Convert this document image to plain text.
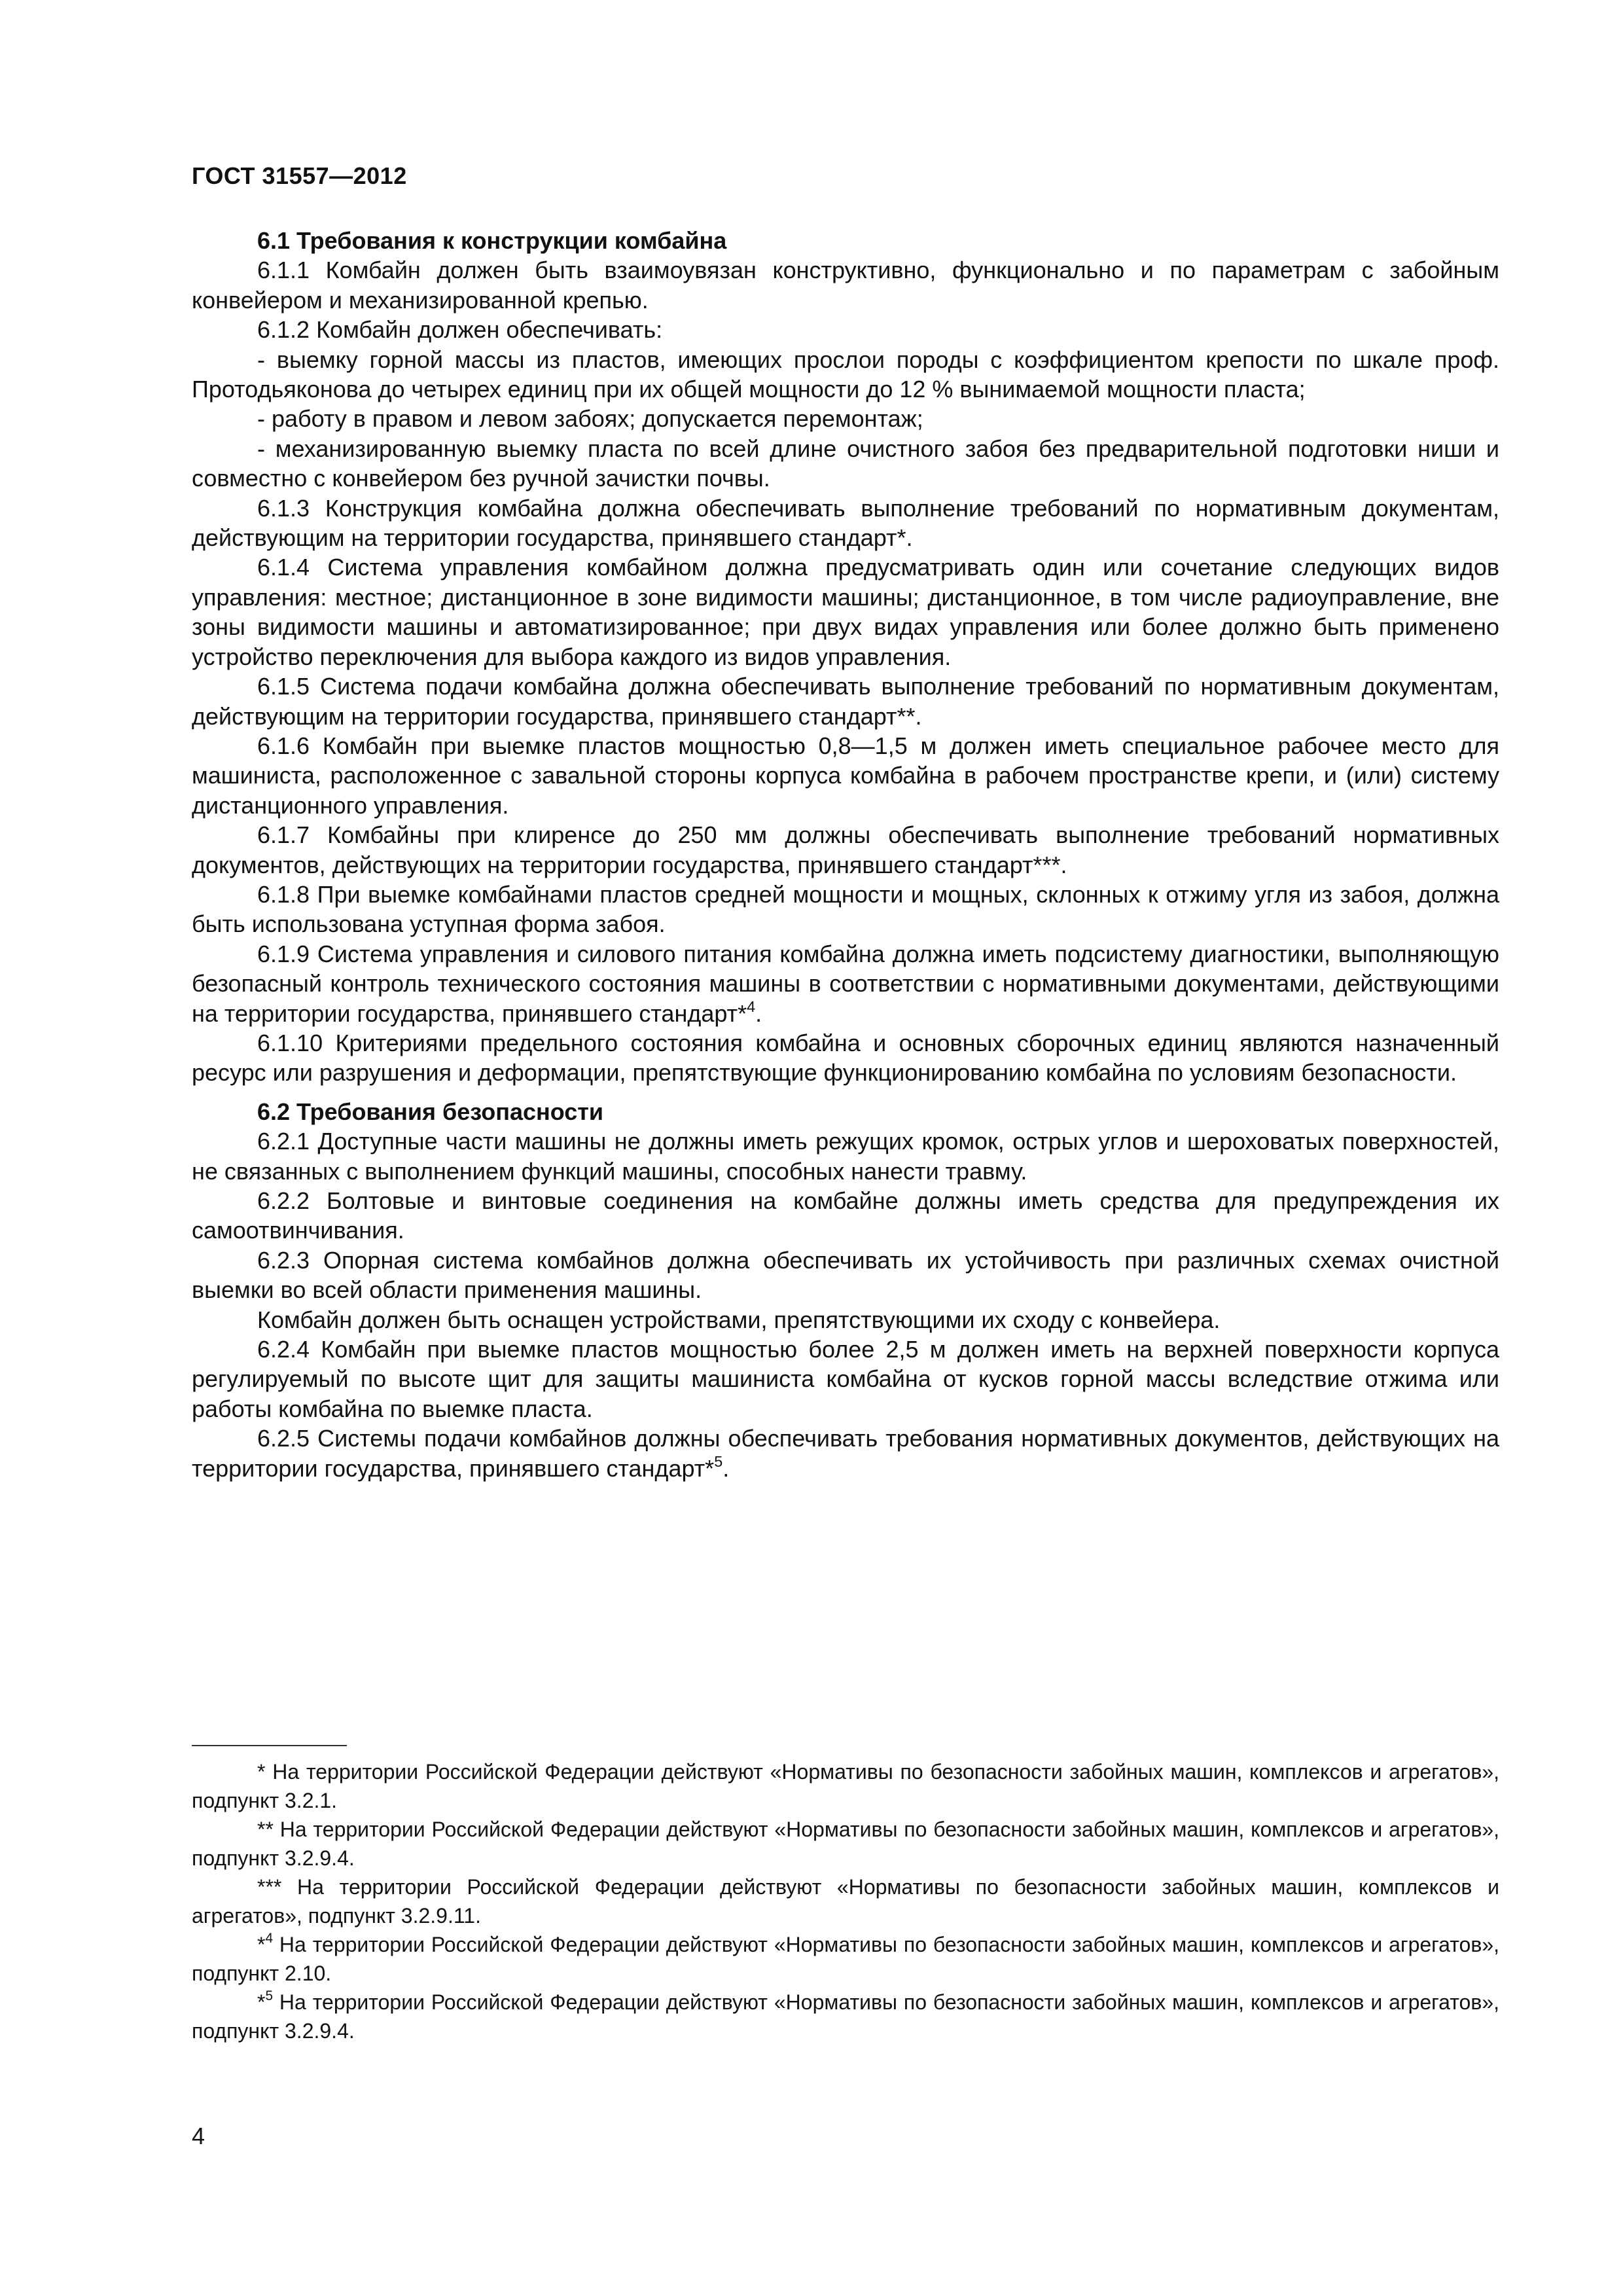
ГОСТ 31557—2012
6.1 Требования к конструкции комбайна

6.1.1 Комбайн должен быть взаимоувязан конструктивно, функционально и по параметрам с забойным конвейером и механизированной крепью.

6.1.2 Комбайн должен обеспечивать:

- выемку горной массы из пластов, имеющих прослои породы с коэффициентом крепости по шкале проф. Протодьяконова до четырех единиц при их общей мощности до 12 % вынимаемой мощности пласта;

- работу в правом и левом забоях; допускается перемонтаж;

- механизированную выемку пласта по всей длине очистного забоя без предварительной подготовки ниши и совместно с конвейером без ручной зачистки почвы.

6.1.3 Конструкция комбайна должна обеспечивать выполнение требований по нормативным документам, действующим на территории государства, принявшего стандарт*.

6.1.4 Система управления комбайном должна предусматривать один или сочетание следующих видов управления: местное; дистанционное в зоне видимости машины; дистанционное, в том числе радиоуправление, вне зоны видимости машины и автоматизированное; при двух видах управления или более должно быть применено устройство переключения для выбора каждого из видов управления.

6.1.5 Система подачи комбайна должна обеспечивать выполнение требований по нормативным документам, действующим на территории государства, принявшего стандарт**.

6.1.6 Комбайн при выемке пластов мощностью 0,8—1,5 м должен иметь специальное рабочее место для машиниста, расположенное с завальной стороны корпуса комбайна в рабочем пространстве крепи, и (или) систему дистанционного управления.

6.1.7 Комбайны при клиренсе до 250 мм должны обеспечивать выполнение требований нормативных документов, действующих на территории государства, принявшего стандарт***.

6.1.8 При выемке комбайнами пластов средней мощности и мощных, склонных к отжиму угля из забоя, должна быть использована уступная форма забоя.

6.1.9 Система управления и силового питания комбайна должна иметь подсистему диагностики, выполняющую безопасный контроль технического состояния машины в соответствии с нормативными документами, действующими на территории государства, принявшего стандарт*$^4$.

6.1.10 Критериями предельного состояния комбайна и основных сборочных единиц являются назначенный ресурс или разрушения и деформации, препятствующие функционированию комбайна по условиям безопасности.

6.2 Требования безопасности

6.2.1 Доступные части машины не должны иметь режущих кромок, острых углов и шероховатых поверхностей, не связанных с выполнением функций машины, способных нанести травму.

6.2.2 Болтовые и винтовые соединения на комбайне должны иметь средства для предупреждения их самоотвинчивания.

6.2.3 Опорная система комбайнов должна обеспечивать их устойчивость при различных схемах очистной выемки во всей области применения машины.

Комбайн должен быть оснащен устройствами, препятствующими их сходу с конвейера.

6.2.4 Комбайн при выемке пластов мощностью более 2,5 м должен иметь на верхней поверхности корпуса регулируемый по высоте щит для защиты машиниста комбайна от кусков горной массы вследствие отжима или работы комбайна по выемке пласта.

6.2.5 Системы подачи комбайнов должны обеспечивать требования нормативных документов, действующих на территории государства, принявшего стандарт*$^5$.

* На территории Российской Федерации действуют «Нормативы по безопасности забойных машин, комплексов и агрегатов», подпункт 3.2.1.

** На территории Российской Федерации действуют «Нормативы по безопасности забойных машин, комплексов и агрегатов», подпункт 3.2.9.4.

*** На территории Российской Федерации действуют «Нормативы по безопасности забойных машин, комплексов и агрегатов», подпункт 3.2.9.11.

*$^4$ На территории Российской Федерации действуют «Нормативы по безопасности забойных машин, комплексов и агрегатов», подпункт 2.10.

*$^5$ На территории Российской Федерации действуют «Нормативы по безопасности забойных машин, комплексов и агрегатов», подпункт 3.2.9.4.

4
